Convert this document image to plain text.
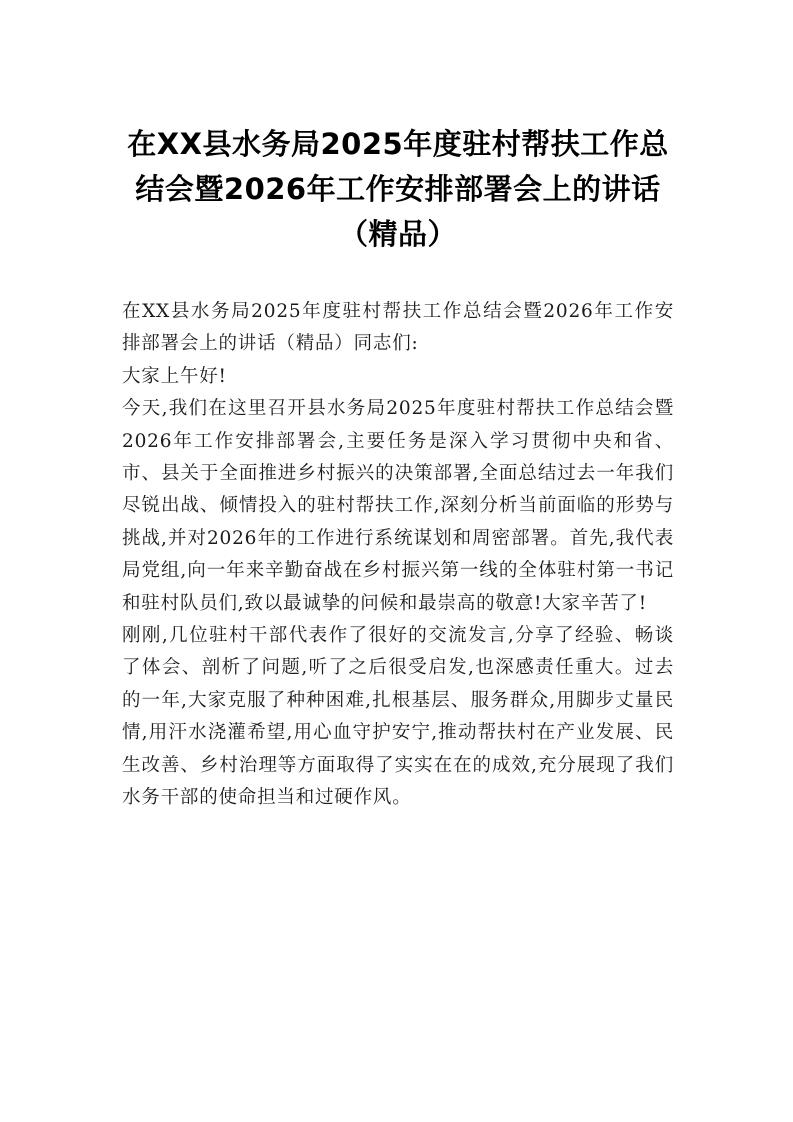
在XX县水务局2025年度驻村帮扶工作总结会暨2026年工作安排部署会上的讲话（精品）

在XX县水务局2025年度驻村帮扶工作总结会暨2026年工作安排部署会上的讲话（精品）同志们:

大家上午好!

今天,我们在这里召开县水务局2025年度驻村帮扶工作总结会暨2026年工作安排部署会,主要任务是深入学习贯彻中央和省、市、县关于全面推进乡村振兴的决策部署,全面总结过去一年我们尽锐出战、倾情投入的驻村帮扶工作,深刻分析当前面临的形势与挑战,并对2026年的工作进行系统谋划和周密部署。首先,我代表局党组,向一年来辛勤奋战在乡村振兴第一线的全体驻村第一书记和驻村队员们,致以最诚挚的问候和最崇高的敬意!大家辛苦了!

刚刚,几位驻村干部代表作了很好的交流发言,分享了经验、畅谈了体会、剖析了问题,听了之后很受启发,也深感责任重大。过去的一年,大家克服了种种困难,扎根基层、服务群众,用脚步丈量民情,用汗水浇灌希望,用心血守护安宁,推动帮扶村在产业发展、民生改善、乡村治理等方面取得了实实在在的成效,充分展现了我们水务干部的使命担当和过硬作风。
